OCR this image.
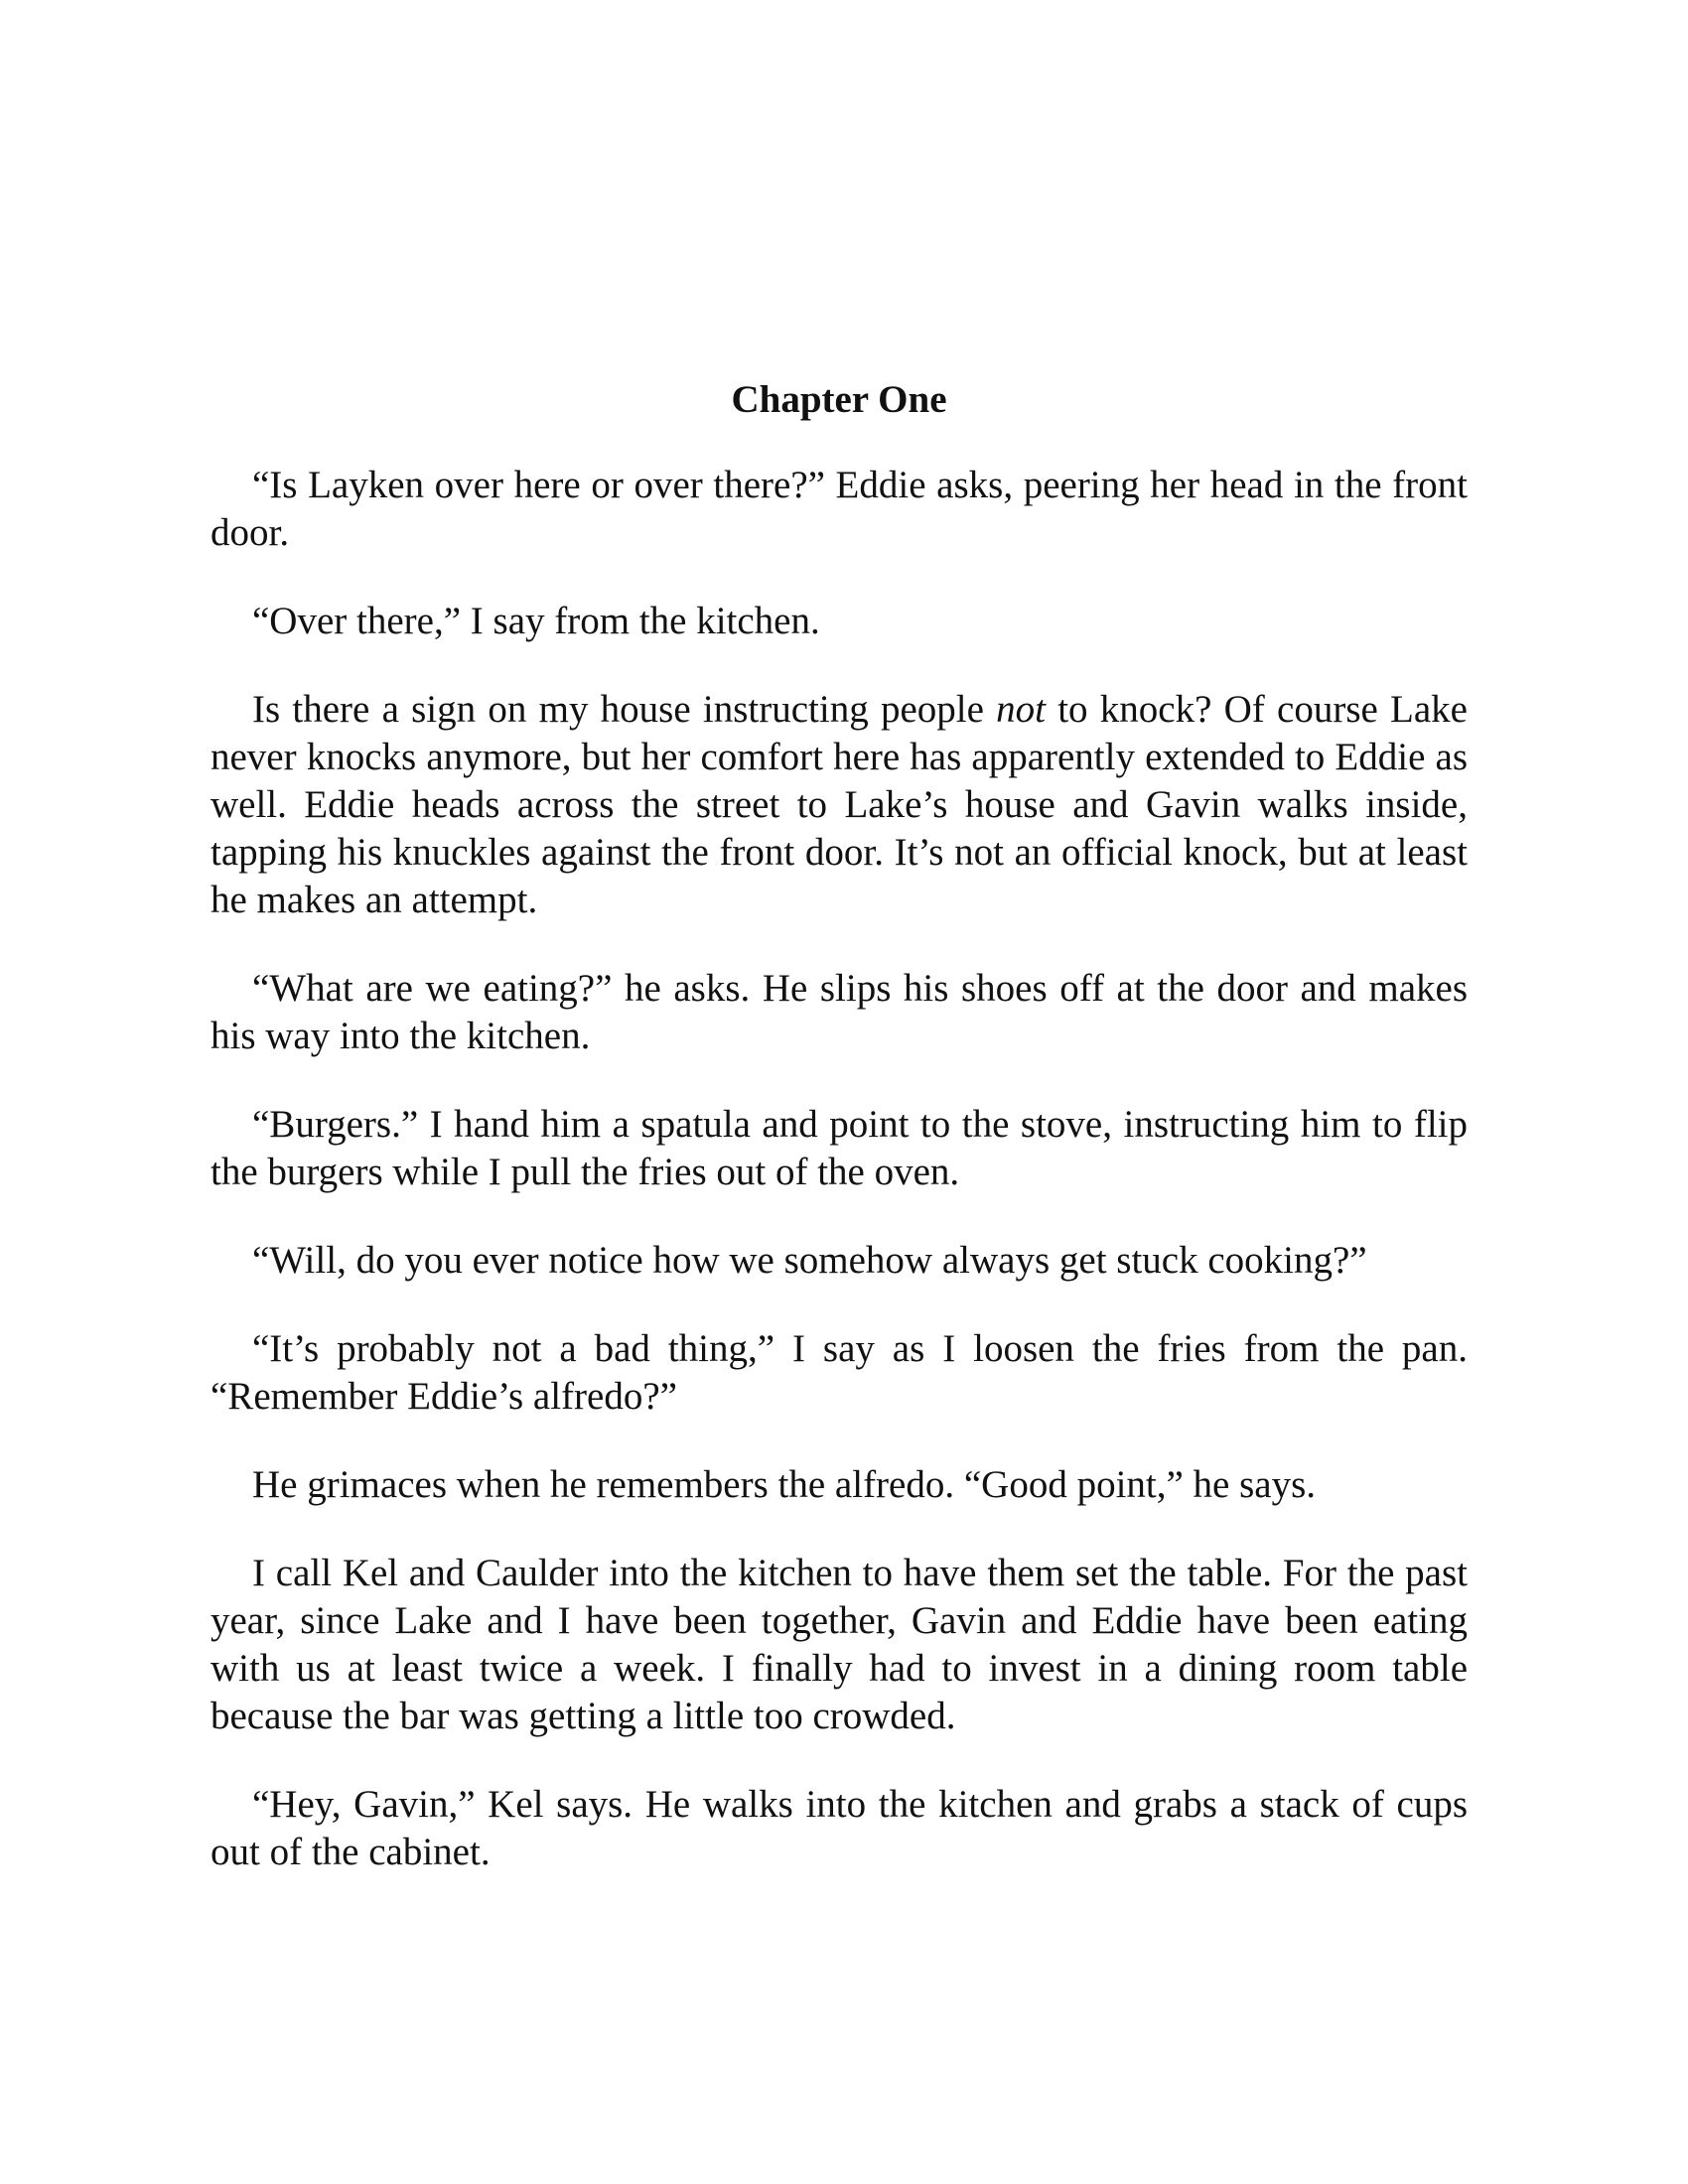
Chapter One

“Is Layken over here or over there?” Eddie asks, peering her head in the front door.

“Over there,” I say from the kitchen.

Is there a sign on my house instructing people not to knock? Of course Lake never knocks anymore, but her comfort here has apparently extended to Eddie as well. Eddie heads across the street to Lake’s house and Gavin walks inside, tapping his knuckles against the front door. It’s not an official knock, but at least he makes an attempt.

“What are we eating?” he asks. He slips his shoes off at the door and makes his way into the kitchen.

“Burgers.” I hand him a spatula and point to the stove, instructing him to flip the burgers while I pull the fries out of the oven.

“Will, do you ever notice how we somehow always get stuck cooking?”

“It’s probably not a bad thing,” I say as I loosen the fries from the pan. “Remember Eddie’s alfredo?”

He grimaces when he remembers the alfredo. “Good point,” he says.

I call Kel and Caulder into the kitchen to have them set the table. For the past year, since Lake and I have been together, Gavin and Eddie have been eating with us at least twice a week. I finally had to invest in a dining room table because the bar was getting a little too crowded.

“Hey, Gavin,” Kel says. He walks into the kitchen and grabs a stack of cups out of the cabinet.
